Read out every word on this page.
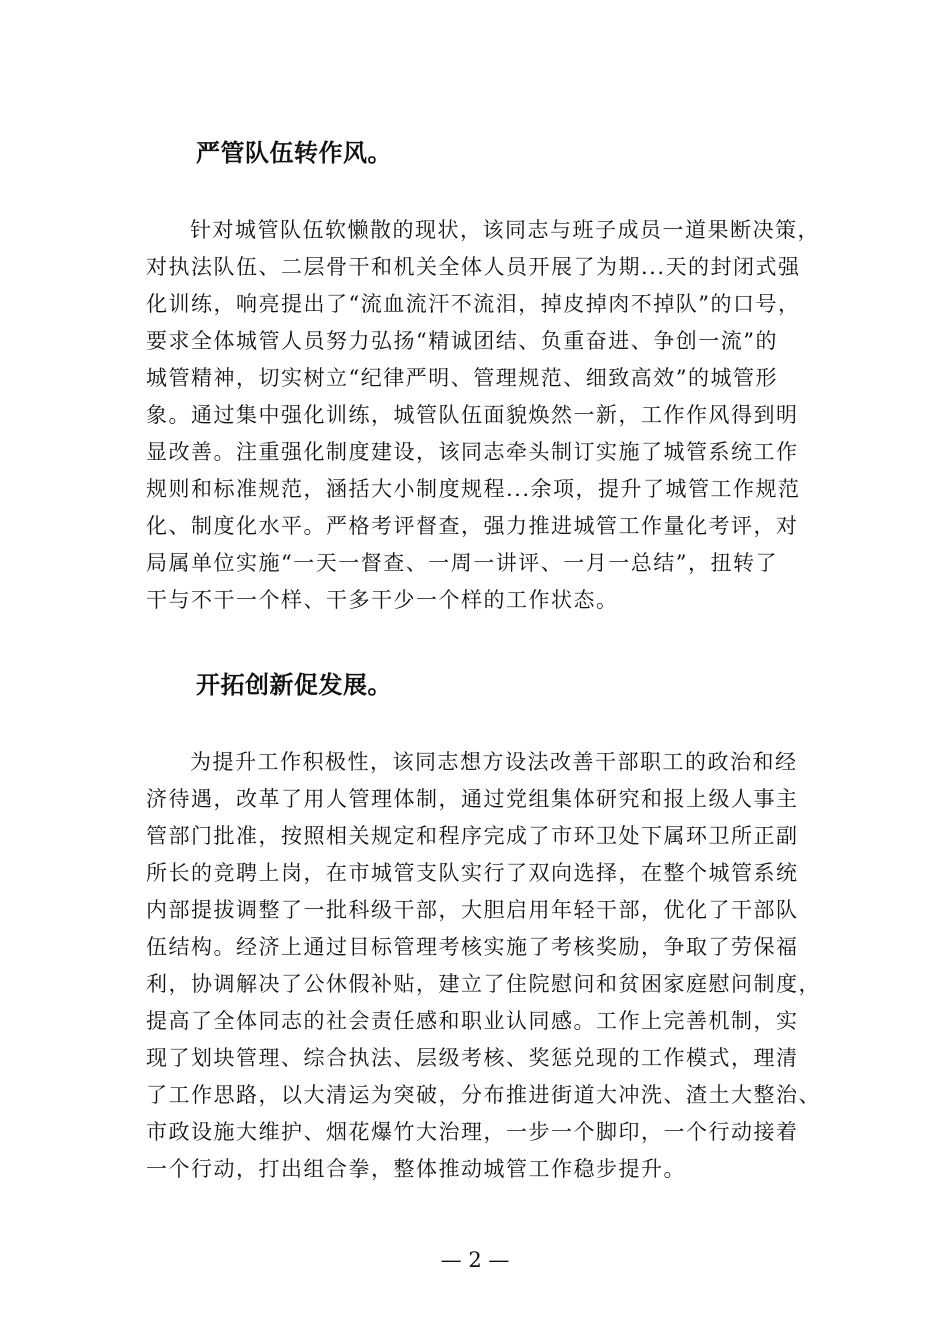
严管队伍转作风。
针对城管队伍软懒散的现状，该同志与班子成员一道果断决策，
对执法队伍、二层骨干和机关全体人员开展了为期...天的封闭式强
化训练，响亮提出了“流血流汗不流泪，掉皮掉肉不掉队”的口号，
要求全体城管人员努力弘扬“精诚团结、负重奋进、争创一流”的
城管精神，切实树立“纪律严明、管理规范、细致高效”的城管形
象。通过集中强化训练，城管队伍面貌焕然一新，工作作风得到明
显改善。注重强化制度建设，该同志牵头制订实施了城管系统工作
规则和标准规范，涵括大小制度规程...余项，提升了城管工作规范
化、制度化水平。严格考评督查，强力推进城管工作量化考评，对
局属单位实施“一天一督查、一周一讲评、一月一总结”，扭转了
干与不干一个样、干多干少一个样的工作状态。
开拓创新促发展。
为提升工作积极性，该同志想方设法改善干部职工的政治和经
济待遇，改革了用人管理体制，通过党组集体研究和报上级人事主
管部门批准，按照相关规定和程序完成了市环卫处下属环卫所正副
所长的竞聘上岗，在市城管支队实行了双向选择，在整个城管系统
内部提拔调整了一批科级干部，大胆启用年轻干部，优化了干部队
伍结构。经济上通过目标管理考核实施了考核奖励，争取了劳保福
利，协调解决了公休假补贴，建立了住院慰问和贫困家庭慰问制度，
提高了全体同志的社会责任感和职业认同感。工作上完善机制，实
现了划块管理、综合执法、层级考核、奖惩兑现的工作模式，理清
了工作思路，以大清运为突破，分布推进街道大冲洗、渣土大整治、
市政设施大维护、烟花爆竹大治理，一步一个脚印，一个行动接着
一个行动，打出组合拳，整体推动城管工作稳步提升。
— 2 —
